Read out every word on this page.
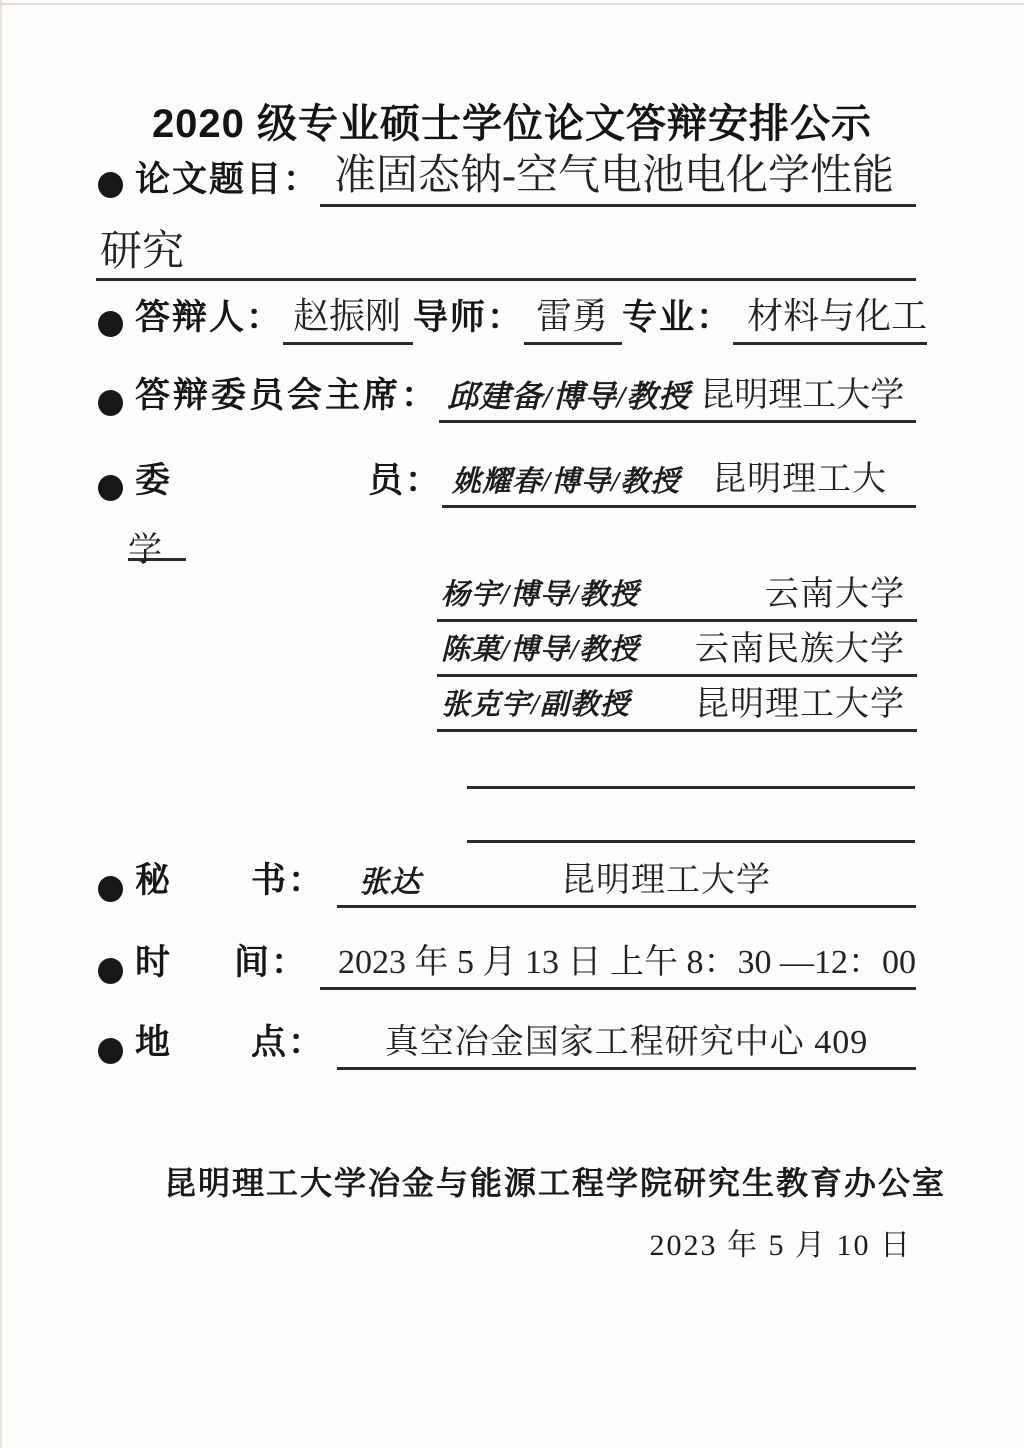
2020 级专业硕士学位论文答辩安排公示
论文题目： 准固态钠-空气电池电化学性能
研究
答辩人： 赵振刚 导师： 雷勇 专业： 材料与化工
答辩委员会主席： 邱建备/博导/教授 昆明理工大学
委	员： 姚耀春/博导/教授 昆明理工大
学
杨宇/博导/教授	云南大学
陈菓/博导/教授 云南民族大学
张克宇/副教授 昆明理工大学
秘 书： 张达	昆明理工大学
时 间： 2023 年 5 月 13 日 上午 8：30 —12：00
地 点：	真空冶金国家工程研究中心 409
昆明理工大学冶金与能源工程学院研究生教育办公室
2023 年 5 月 10 日
